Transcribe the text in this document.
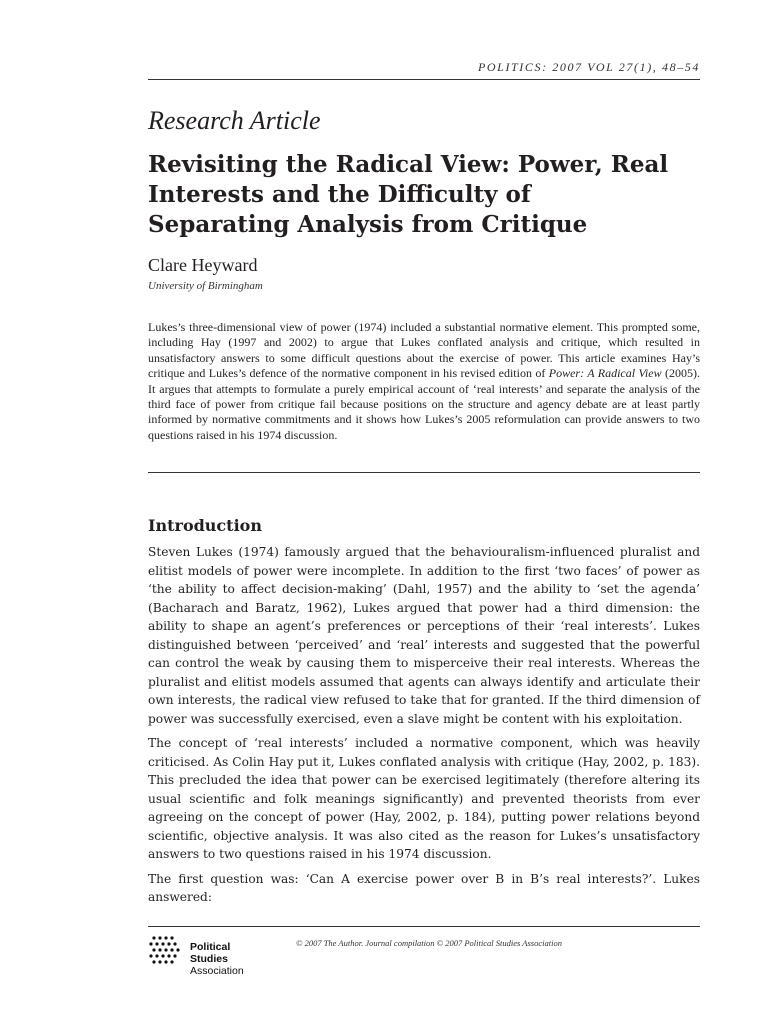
POLITICS: 2007 VOL 27(1), 48–54
Research Article
Revisiting the Radical View: Power, Real
Interests and the Difficulty of
Separating Analysis from Critique
Clare Heyward
University of Birmingham
Lukes’s three-dimensional view of power (1974) included a substantial normative element. This prompted some, including Hay (1997 and 2002) to argue that Lukes conflated analysis and critique, which resulted in unsatisfactory answers to some difficult questions about the exercise of power. This article examines Hay’s critique and Lukes’s defence of the normative component in his revised edition of Power: A Radical View (2005). It argues that attempts to formulate a purely empirical account of ‘real interests’ and separate the analysis of the third face of power from critique fail because positions on the structure and agency debate are at least partly informed by normative commitments and it shows how Lukes’s 2005 reformulation can provide answers to two questions raised in his 1974 discussion.
Introduction

Steven Lukes (1974) famously argued that the behaviouralism-influenced pluralist and elitist models of power were incomplete. In addition to the first ‘two faces’ of power as ‘the ability to affect decision-making’ (Dahl, 1957) and the ability to ‘set the agenda’ (Bacharach and Baratz, 1962), Lukes argued that power had a third dimension: the ability to shape an agent’s preferences or perceptions of their ‘real interests’. Lukes distinguished between ‘perceived’ and ‘real’ interests and suggested that the powerful can control the weak by causing them to misperceive their real interests. Whereas the pluralist and elitist models assumed that agents can always identify and articulate their own interests, the radical view refused to take that for granted. If the third dimension of power was successfully exercised, even a slave might be content with his exploitation.

The concept of ‘real interests’ included a normative component, which was heavily criticised. As Colin Hay put it, Lukes conflated analysis with critique (Hay, 2002, p. 183). This precluded the idea that power can be exercised legitimately (therefore altering its usual scientific and folk meanings significantly) and prevented theorists from ever agreeing on the concept of power (Hay, 2002, p. 184), putting power relations beyond scientific, objective analysis. It was also cited as the reason for Lukes’s unsatisfactory answers to two questions raised in his 1974 discussion.

The first question was: ‘Can A exercise power over B in B’s real interests?’. Lukes answered:

Political Studies
Association
© 2007 The Author. Journal compilation © 2007 Political Studies Association
